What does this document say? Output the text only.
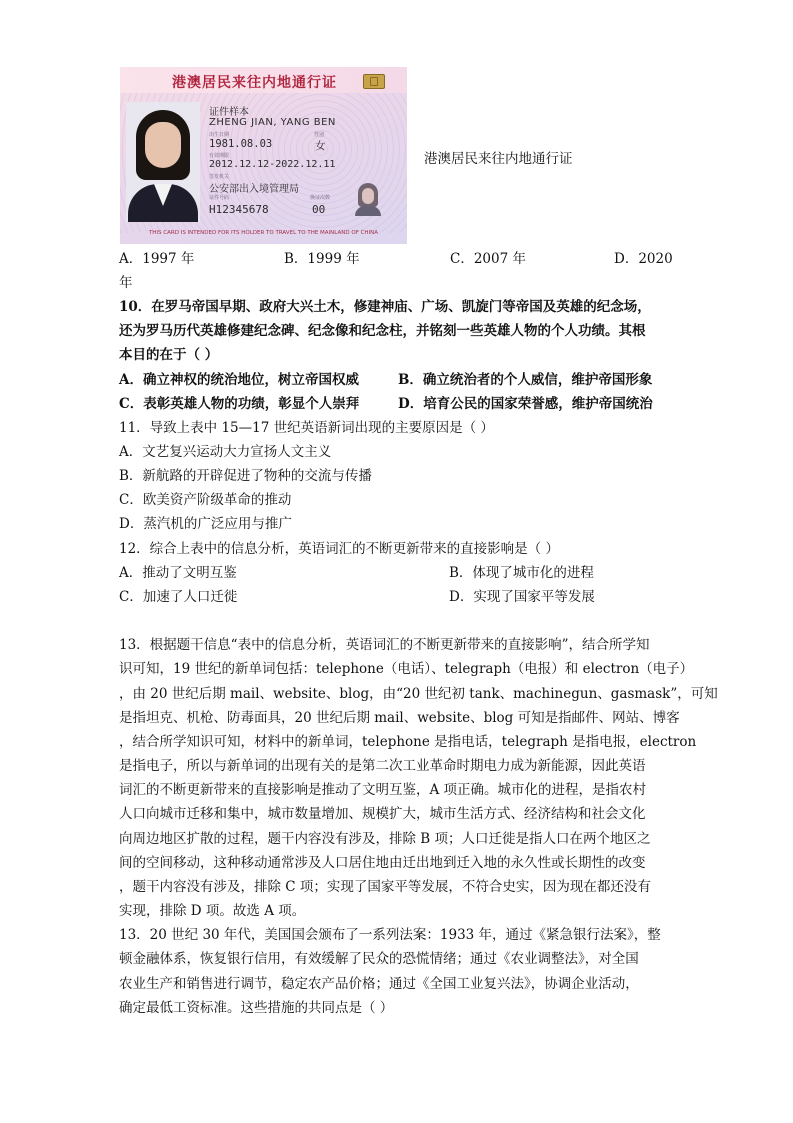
港澳居民来往内地通行证
证件样本
ZHENG JIAN, YANG BEN
出生日期	性别
1981.08.03	女
有效期限
2012.12.12-2022.12.11
签发机关
公安部出入境管理局
证件号码	换证次数
H12345678	00
THIS CARD IS INTENDED FOR ITS HOLDER TO TRAVEL TO THE MAINLAND OF CHINA
港澳居民来往内地通行证
A．1997 年	B．1999 年	C．2007 年	D．2020
年
10．在罗马帝国早期、政府大兴土木，修建神庙、广场、凯旋门等帝国及英雄的纪念场，
还为罗马历代英雄修建纪念碑、纪念像和纪念柱，并铭刻一些英雄人物的个人功绩。其根
本目的在于（ ）
A．确立神权的统治地位，树立帝国权威	B．确立统治者的个人威信，维护帝国形象
C．表彰英雄人物的功绩，彰显个人崇拜	D．培育公民的国家荣誉感，维护帝国统治
11．导致上表中 15—17 世纪英语新词出现的主要原因是（ ）
A．文艺复兴运动大力宣扬人文主义
B．新航路的开辟促进了物种的交流与传播
C．欧美资产阶级革命的推动
D．蒸汽机的广泛应用与推广
12．综合上表中的信息分析，英语词汇的不断更新带来的直接影响是（ ）
A．推动了文明互鉴	B．体现了城市化的进程
C．加速了人口迁徙	D．实现了国家平等发展
13．根据题干信息“表中的信息分析，英语词汇的不断更新带来的直接影响”，结合所学知
识可知，19 世纪的新单词包括：telephone（电话）、telegraph（电报）和 electron（电子）
，由 20 世纪后期 mail、website、blog，由“20 世纪初 tank、machinegun、gasmask”，可知
是指坦克、机枪、防毒面具，20 世纪后期 mail、website、blog 可知是指邮件、网站、博客
，结合所学知识可知，材料中的新单词，telephone 是指电话，telegraph 是指电报，electron
是指电子，所以与新单词的出现有关的是第二次工业革命时期电力成为新能源，因此英语
词汇的不断更新带来的直接影响是推动了文明互鉴，A 项正确。城市化的进程，是指农村
人口向城市迁移和集中，城市数量增加、规模扩大，城市生活方式、经济结构和社会文化
向周边地区扩散的过程，题干内容没有涉及，排除 B 项；人口迁徙是指人口在两个地区之
间的空间移动，这种移动通常涉及人口居住地由迁出地到迁入地的永久性或长期性的改变
，题干内容没有涉及，排除 C 项；实现了国家平等发展，不符合史实，因为现在都还没有
实现，排除 D 项。故选 A 项。
13．20 世纪 30 年代，美国国会颁布了一系列法案：1933 年，通过《紧急银行法案》，整
顿金融体系，恢复银行信用，有效缓解了民众的恐慌情绪；通过《农业调整法》，对全国
农业生产和销售进行调节，稳定农产品价格；通过《全国工业复兴法》，协调企业活动，
确定最低工资标准。这些措施的共同点是（ ）
